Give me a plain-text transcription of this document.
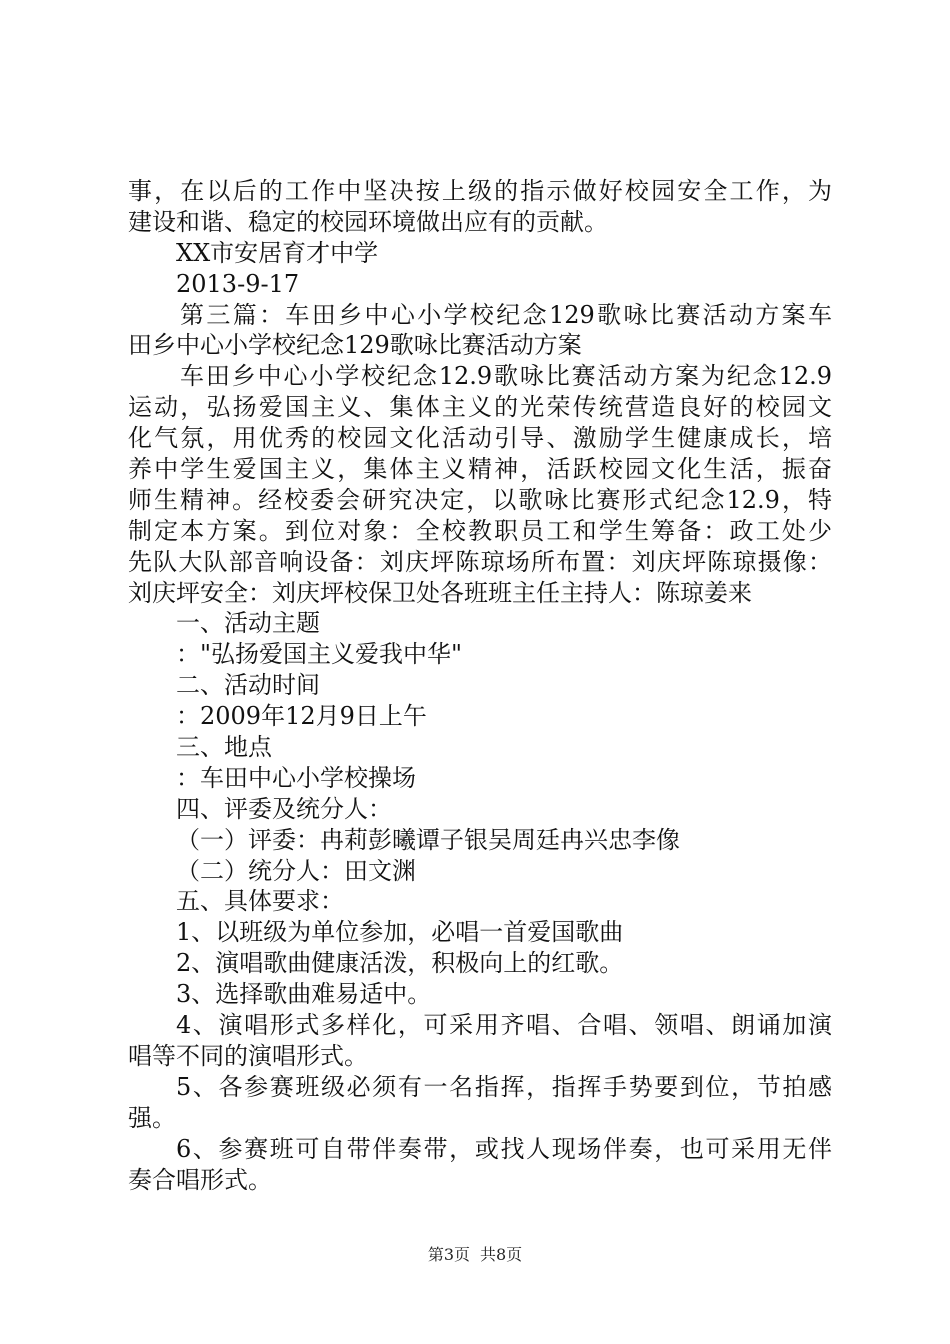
事，在以后的工作中坚决按上级的指示做好校园安全工作，为
建设和谐、稳定的校园环境做出应有的贡献。
XX市安居育才中学
2013-9-17
第三篇：车田乡中心小学校纪念129歌咏比赛活动方案车
田乡中心小学校纪念129歌咏比赛活动方案
车田乡中心小学校纪念12.9歌咏比赛活动方案为纪念12.9
运动，弘扬爱国主义、集体主义的光荣传统营造良好的校园文
化气氛，用优秀的校园文化活动引导、激励学生健康成长，培
养中学生爱国主义，集体主义精神，活跃校园文化生活，振奋
师生精神。经校委会研究决定，以歌咏比赛形式纪念12.9，特
制定本方案。到位对象：全校教职员工和学生筹备：政工处少
先队大队部音响设备：刘庆坪陈琼场所布置：刘庆坪陈琼摄像：
刘庆坪安全：刘庆坪校保卫处各班班主任主持人：陈琼姜来
一、活动主题
："弘扬爱国主义爱我中华"
二、活动时间
：2009年12月9日上午
三、地点
：车田中心小学校操场
四、评委及统分人：
（一）评委：冉莉彭曦谭子银吴周廷冉兴忠李像
（二）统分人：田文渊
五、具体要求：
1、以班级为单位参加，必唱一首爱国歌曲
2、演唱歌曲健康活泼，积极向上的红歌。
3、选择歌曲难易适中。
4、演唱形式多样化，可采用齐唱、合唱、领唱、朗诵加演
唱等不同的演唱形式。
5、各参赛班级必须有一名指挥，指挥手势要到位，节拍感
强。
6、参赛班可自带伴奏带，或找人现场伴奏，也可采用无伴
奏合唱形式。
第3页 共8页
